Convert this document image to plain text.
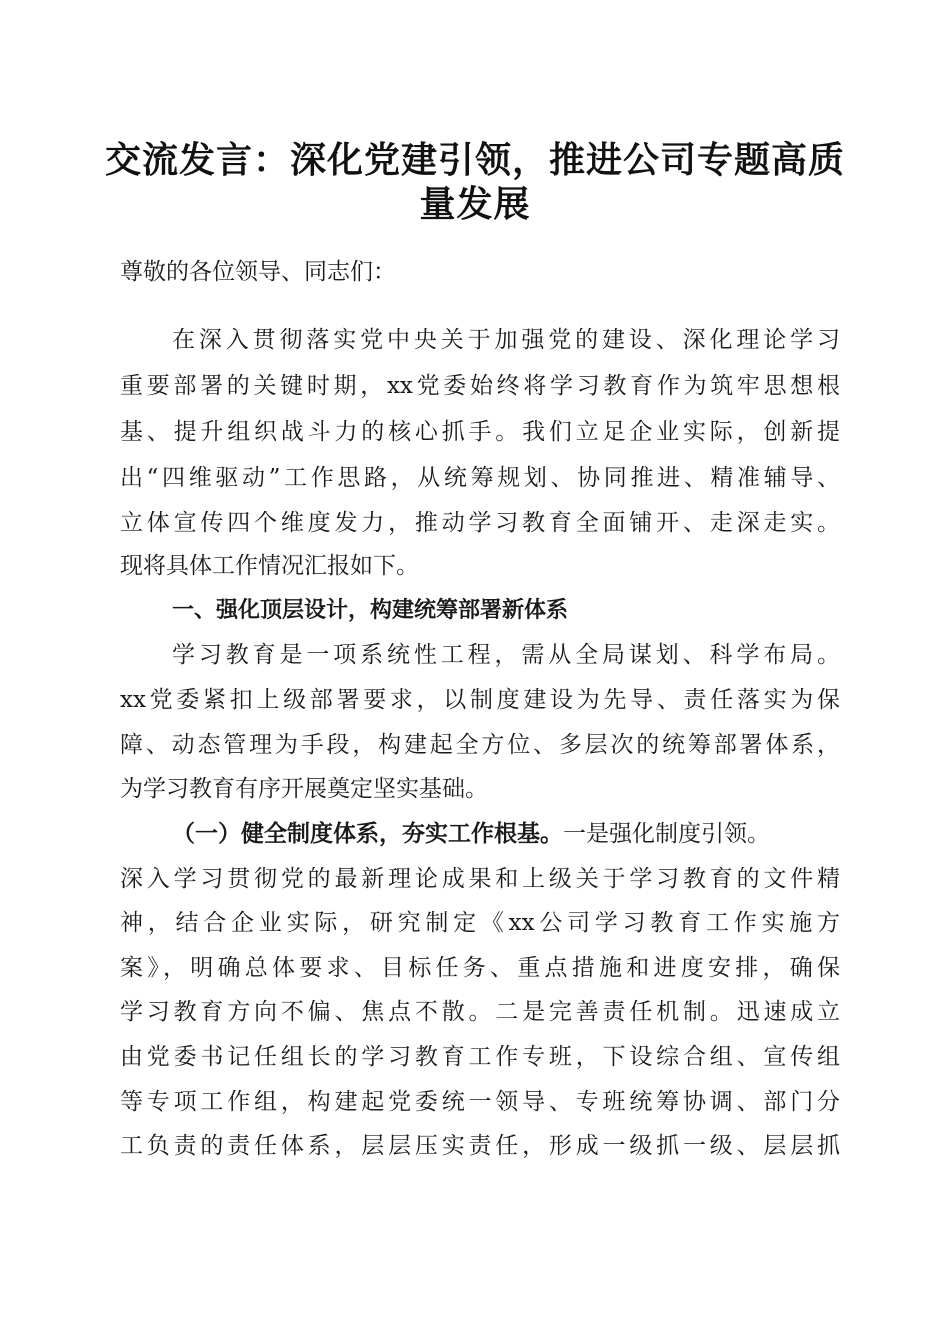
交流发言：深化党建引领，推进公司专题高质
量发展
尊敬的各位领导、同志们：
在深入贯彻落实党中央关于加强党的建设、深化理论学习
重要部署的关键时期，xx党委始终将学习教育作为筑牢思想根
基、提升组织战斗力的核心抓手。我们立足企业实际，创新提
出“四维驱动”工作思路，从统筹规划、协同推进、精准辅导、
立体宣传四个维度发力，推动学习教育全面铺开、走深走实。
现将具体工作情况汇报如下。
一、强化顶层设计，构建统筹部署新体系
学习教育是一项系统性工程，需从全局谋划、科学布局。
xx党委紧扣上级部署要求，以制度建设为先导、责任落实为保
障、动态管理为手段，构建起全方位、多层次的统筹部署体系，
为学习教育有序开展奠定坚实基础。
（一）健全制度体系，夯实工作根基。一是强化制度引领。
深入学习贯彻党的最新理论成果和上级关于学习教育的文件精
神，结合企业实际，研究制定《xx公司学习教育工作实施方
案》，明确总体要求、目标任务、重点措施和进度安排，确保
学习教育方向不偏、焦点不散。二是完善责任机制。迅速成立
由党委书记任组长的学习教育工作专班，下设综合组、宣传组
等专项工作组，构建起党委统一领导、专班统筹协调、部门分
工负责的责任体系，层层压实责任，形成一级抓一级、层层抓
